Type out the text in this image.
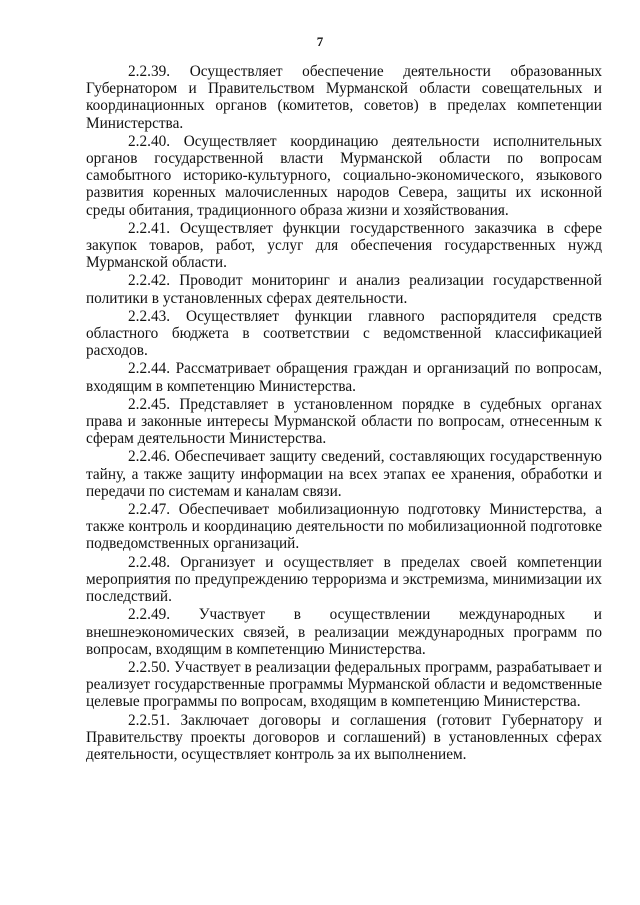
7

2.2.39. Осуществляет обеспечение деятельности образованных Губернатором и Правительством Мурманской области совещательных и координационных органов (комитетов, советов) в пределах компетенции Министерства.

2.2.40. Осуществляет координацию деятельности исполнительных органов государственной власти Мурманской области по вопросам самобытного историко-культурного, социально-экономического, языкового развития коренных малочисленных народов Севера, защиты их исконной среды обитания, традиционного образа жизни и хозяйствования.

2.2.41. Осуществляет функции государственного заказчика в сфере закупок товаров, работ, услуг для обеспечения государственных нужд Мурманской области.

2.2.42. Проводит мониторинг и анализ реализации государственной политики в установленных сферах деятельности.

2.2.43. Осуществляет функции главного распорядителя средств областного бюджета в соответствии с ведомственной классификацией расходов.

2.2.44. Рассматривает обращения граждан и организаций по вопросам, входящим в компетенцию Министерства.

2.2.45. Представляет в установленном порядке в судебных органах права и законные интересы Мурманской области по вопросам, отнесенным к сферам деятельности Министерства.

2.2.46. Обеспечивает защиту сведений, составляющих государственную тайну, а также защиту информации на всех этапах ее хранения, обработки и передачи по системам и каналам связи.

2.2.47. Обеспечивает мобилизационную подготовку Министерства, а также контроль и координацию деятельности по мобилизационной подготовке подведомственных организаций.

2.2.48. Организует и осуществляет в пределах своей компетенции мероприятия по предупреждению терроризма и экстремизма, минимизации их последствий.

2.2.49. Участвует в осуществлении международных и внешнеэкономических связей, в реализации международных программ по вопросам, входящим в компетенцию Министерства.

2.2.50. Участвует в реализации федеральных программ, разрабатывает и реализует государственные программы Мурманской области и ведомственные целевые программы по вопросам, входящим в компетенцию Министерства.

2.2.51. Заключает договоры и соглашения (готовит Губернатору и Правительству проекты договоров и соглашений) в установленных сферах деятельности, осуществляет контроль за их выполнением.
